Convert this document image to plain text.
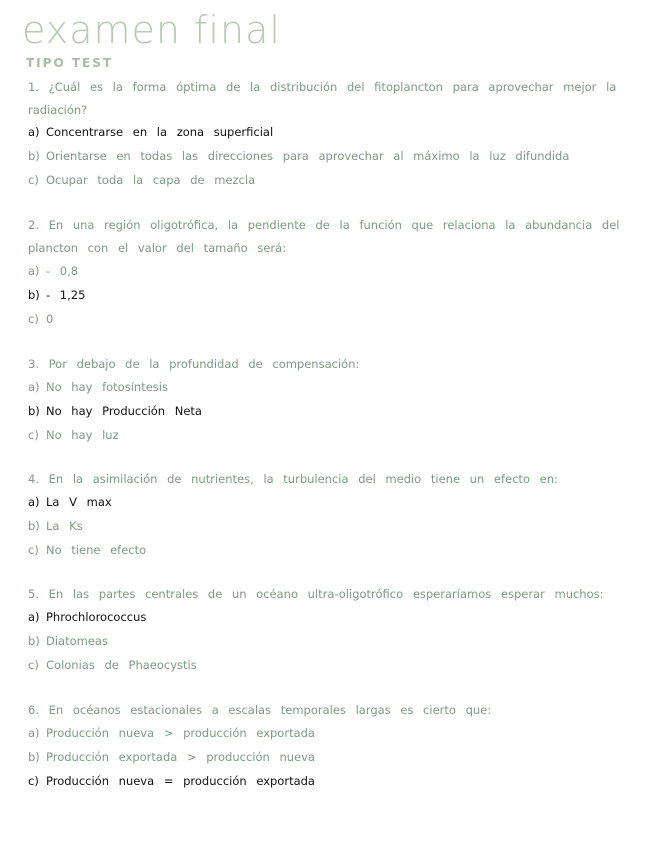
examen final
TIPO TEST
1. ¿Cuál es la forma óptima de la distribución del fitoplancton para aprovechar mejor la radiación?
a) Concentrarse en la zona superficial
b) Orientarse en todas las direcciones para aprovechar al máximo la luz difundida
c) Ocupar toda la capa de mezcla
2. En una región oligotrófica, la pendiente de la función que relaciona la abundancia del plancton con el valor del tamaño será:
a) - 0,8
b) - 1,25
c) 0
3. Por debajo de la profundidad de compensación:
a) No hay fotosíntesis
b) No hay Producción Neta
c) No hay luz
4. En la asimilación de nutrientes, la turbulencia del medio tiene un efecto en:
a) La V max
b) La Ks
c) No tiene efecto
5. En las partes centrales de un océano ultra-oligotrófico esperaríamos esperar muchos:
a) Phrochlorococcus
b) Diatomeas
c) Colonias de Phaeocystis
6. En océanos estacionales a escalas temporales largas es cierto que:
a) Producción nueva > producción exportada
b) Producción exportada > producción nueva
c) Producción nueva = producción exportada
